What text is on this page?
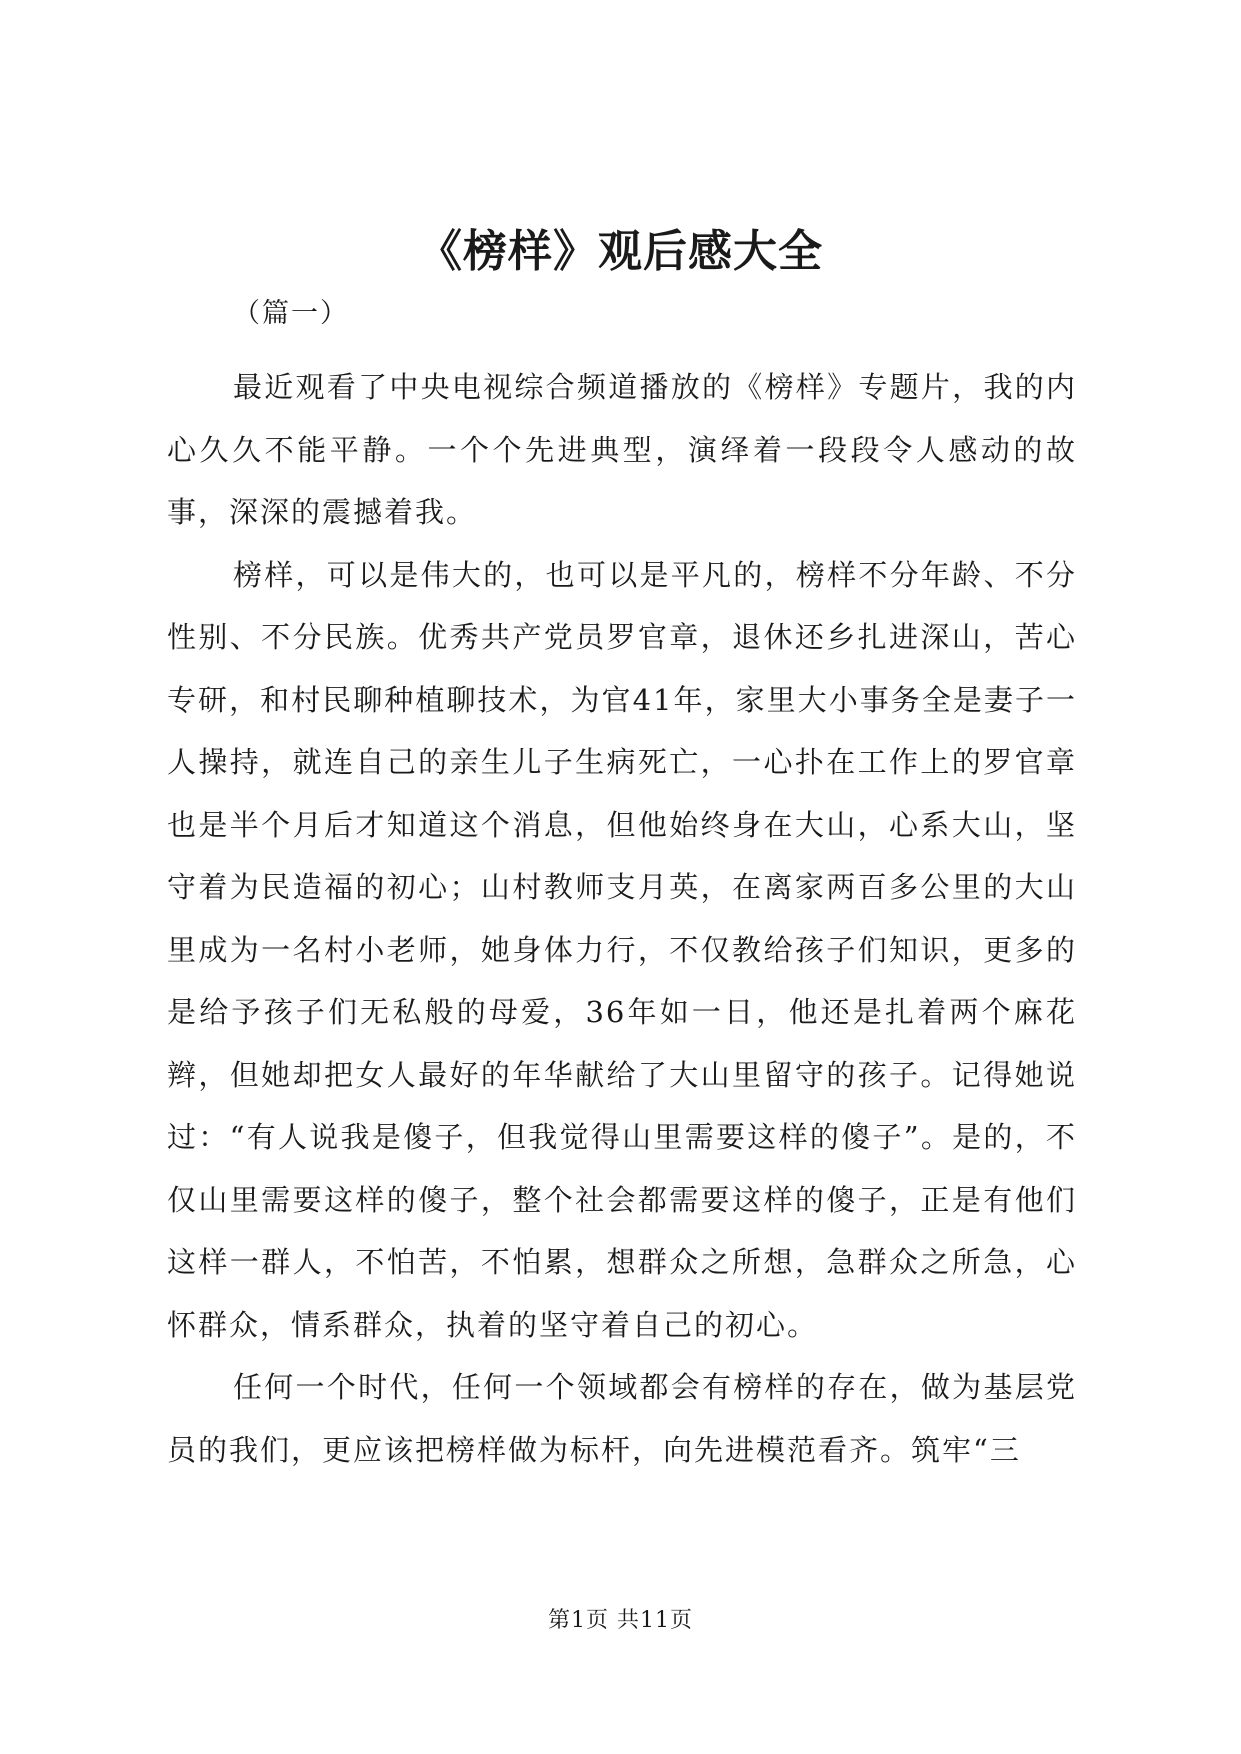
《榜样》观后感大全

（篇一）

最近观看了中央电视综合频道播放的《榜样》专题片，我的内心久久不能平静。一个个先进典型，演绎着一段段令人感动的故事，深深的震撼着我。

榜样，可以是伟大的，也可以是平凡的，榜样不分年龄、不分性别、不分民族。优秀共产党员罗官章，退休还乡扎进深山，苦心专研，和村民聊种植聊技术，为官41年，家里大小事务全是妻子一人操持，就连自己的亲生儿子生病死亡，一心扑在工作上的罗官章也是半个月后才知道这个消息，但他始终身在大山，心系大山，坚守着为民造福的初心；山村教师支月英，在离家两百多公里的大山里成为一名村小老师，她身体力行，不仅教给孩子们知识，更多的是给予孩子们无私般的母爱，36年如一日，他还是扎着两个麻花辫，但她却把女人最好的年华献给了大山里留守的孩子。记得她说过：“有人说我是傻子，但我觉得山里需要这样的傻子”。是的，不仅山里需要这样的傻子，整个社会都需要这样的傻子，正是有他们这样一群人，不怕苦，不怕累，想群众之所想，急群众之所急，心怀群众，情系群众，执着的坚守着自己的初心。

任何一个时代，任何一个领域都会有榜样的存在，做为基层党员的我们，更应该把榜样做为标杆，向先进模范看齐。筑牢“三

第1页 共11页
